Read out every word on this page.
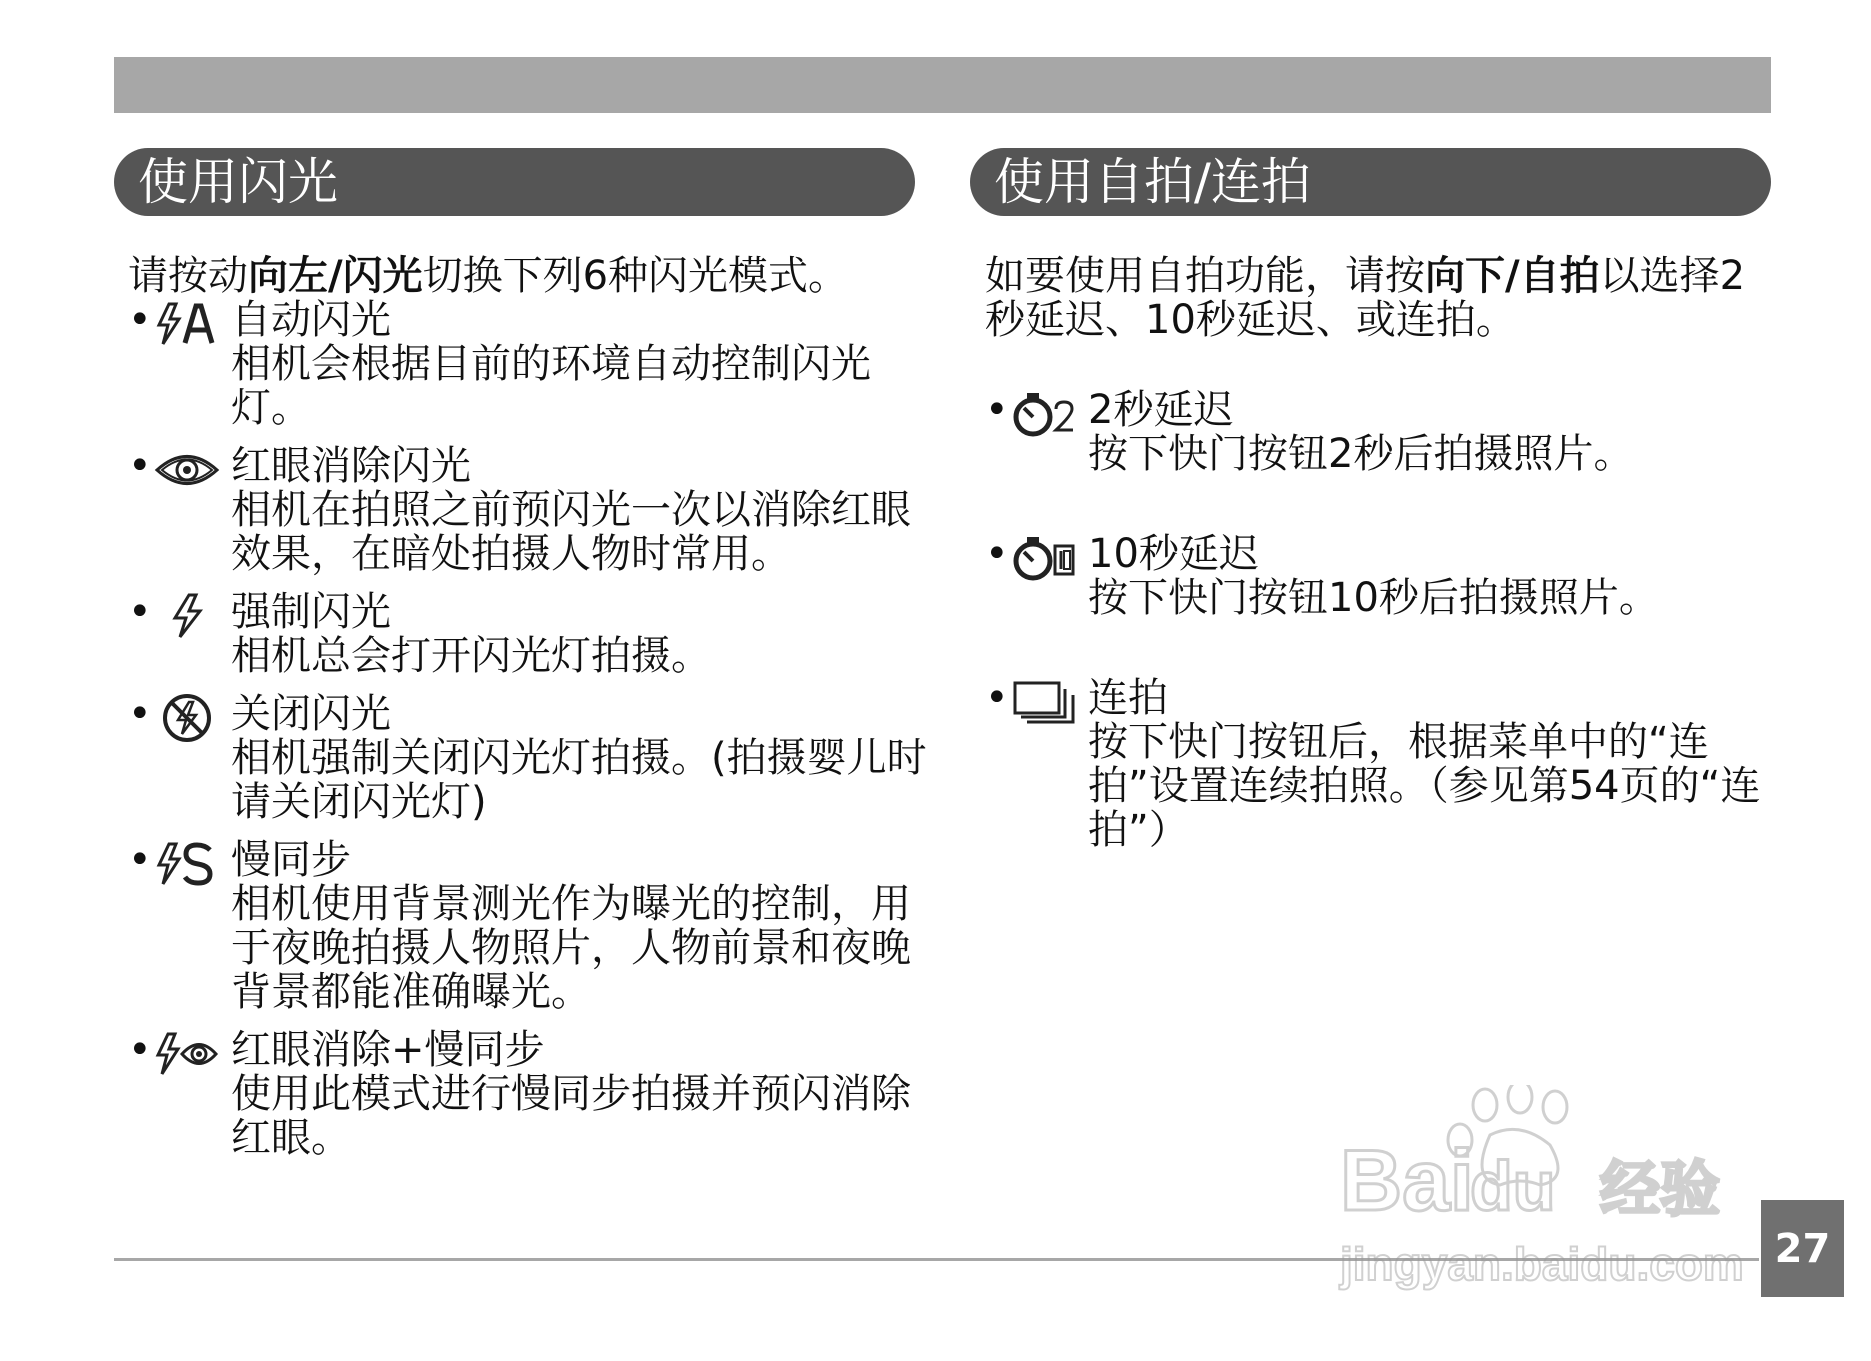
使用闪光	使用自拍/连拍
请按动向左/闪光切换下列6种闪光模式。
• 自动闪光
相机会根据目前的环境自动控制闪光灯。
• 红眼消除闪光
相机在拍照之前预闪光一次以消除红眼效果，在暗处拍摄人物时常用。
• 强制闪光
相机总会打开闪光灯拍摄。
• 关闭闪光
相机强制关闭闪光灯拍摄。(拍摄婴儿时请关闭闪光灯)
• 慢同步
相机使用背景测光作为曝光的控制，用于夜晚拍摄人物照片，人物前景和夜晚背景都能准确曝光。
• 红眼消除+慢同步
使用此模式进行慢同步拍摄并预闪消除红眼。
如要使用自拍功能，请按向下/自拍以选择2秒延迟、10秒延迟、或连拍。
• 2秒延迟
按下快门按钮2秒后拍摄照片。
• 10秒延迟
按下快门按钮10秒后拍摄照片。
• 连拍
按下快门按钮后，根据菜单中的“连拍”设置连续拍照。（参见第54页的“连拍”）
27
Bai
du 经验
jingyan.baidu.com
